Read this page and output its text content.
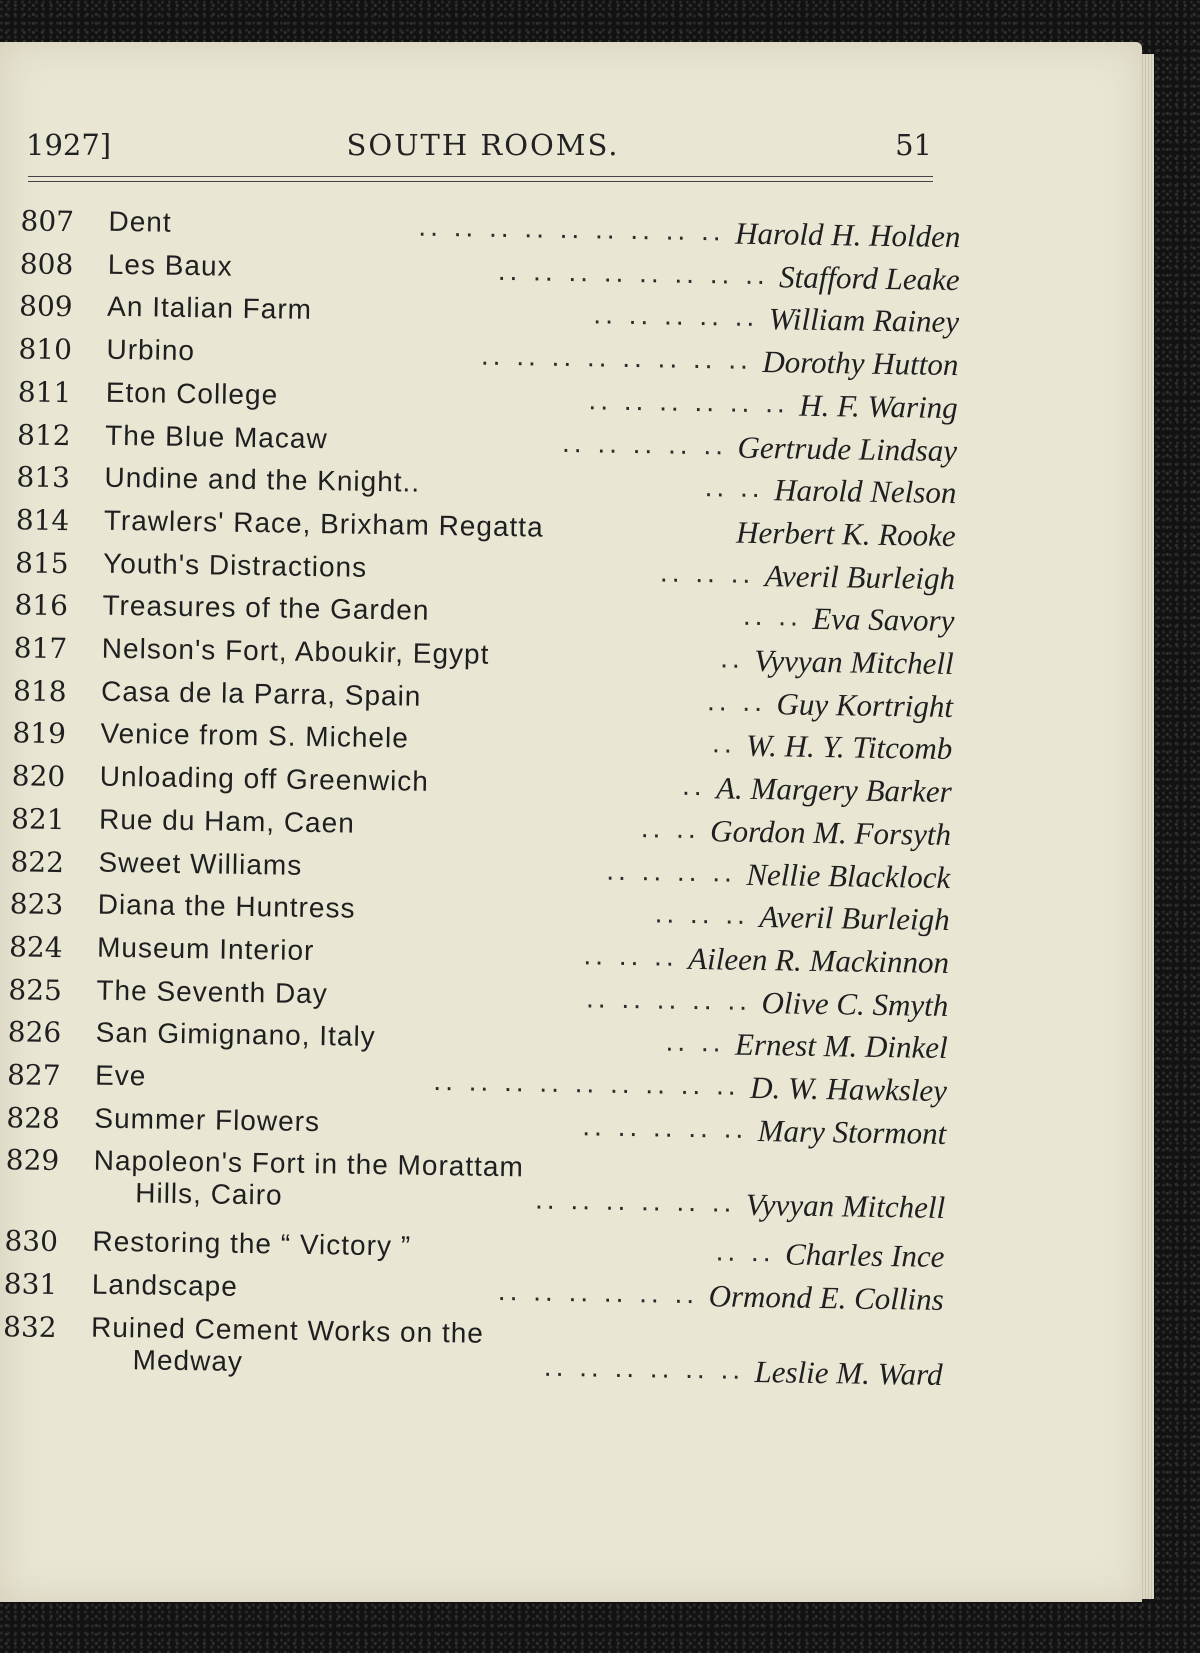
1927]	SOUTH ROOMS.	51
807 Dent	.. .. .. .. .. .. .. .. .. Harold H. Holden
808 Les Baux	.. .. .. .. .. .. .. .. Stafford Leake
809 An Italian Farm	.. .. .. .. .. William Rainey
810 Urbino	.. .. .. .. .. .. .. .. Dorothy Hutton
811 Eton College	.. .. .. .. .. .. H. F. Waring
812 The Blue Macaw	.. .. .. .. .. Gertrude Lindsay
813 Undine and the Knight..	.. .. Harold Nelson
814 Trawlers' Race, Brixham Regatta	Herbert K. Rooke
815 Youth's Distractions	.. .. .. Averil Burleigh
816 Treasures of the Garden	.. .. Eva Savory
817 Nelson's Fort, Aboukir, Egypt	.. Vyvyan Mitchell
818 Casa de la Parra, Spain	.. .. Guy Kortright
819 Venice from S. Michele	.. W. H. Y. Titcomb
820 Unloading off Greenwich	.. A. Margery Barker
821 Rue du Ham, Caen	.. .. Gordon M. Forsyth
822 Sweet Williams	.. .. .. .. Nellie Blacklock
823 Diana the Huntress	.. .. .. Averil Burleigh
824 Museum Interior	.. .. .. Aileen R. Mackinnon
825 The Seventh Day	.. .. .. .. .. Olive C. Smyth
826 San Gimignano, Italy	.. .. Ernest M. Dinkel
827 Eve	.. .. .. .. .. .. .. .. .. D. W. Hawksley
828 Summer Flowers	.. .. .. .. .. Mary Stormont
829 Napoleon's Fort in the Morattam
Hills, Cairo	.. .. .. .. .. .. Vyvyan Mitchell
830 Restoring the “ Victory ”	.. .. Charles Ince
831 Landscape	.. .. .. .. .. .. Ormond E. Collins
832 Ruined Cement Works on the
Medway	.. .. .. .. .. .. Leslie M. Ward
